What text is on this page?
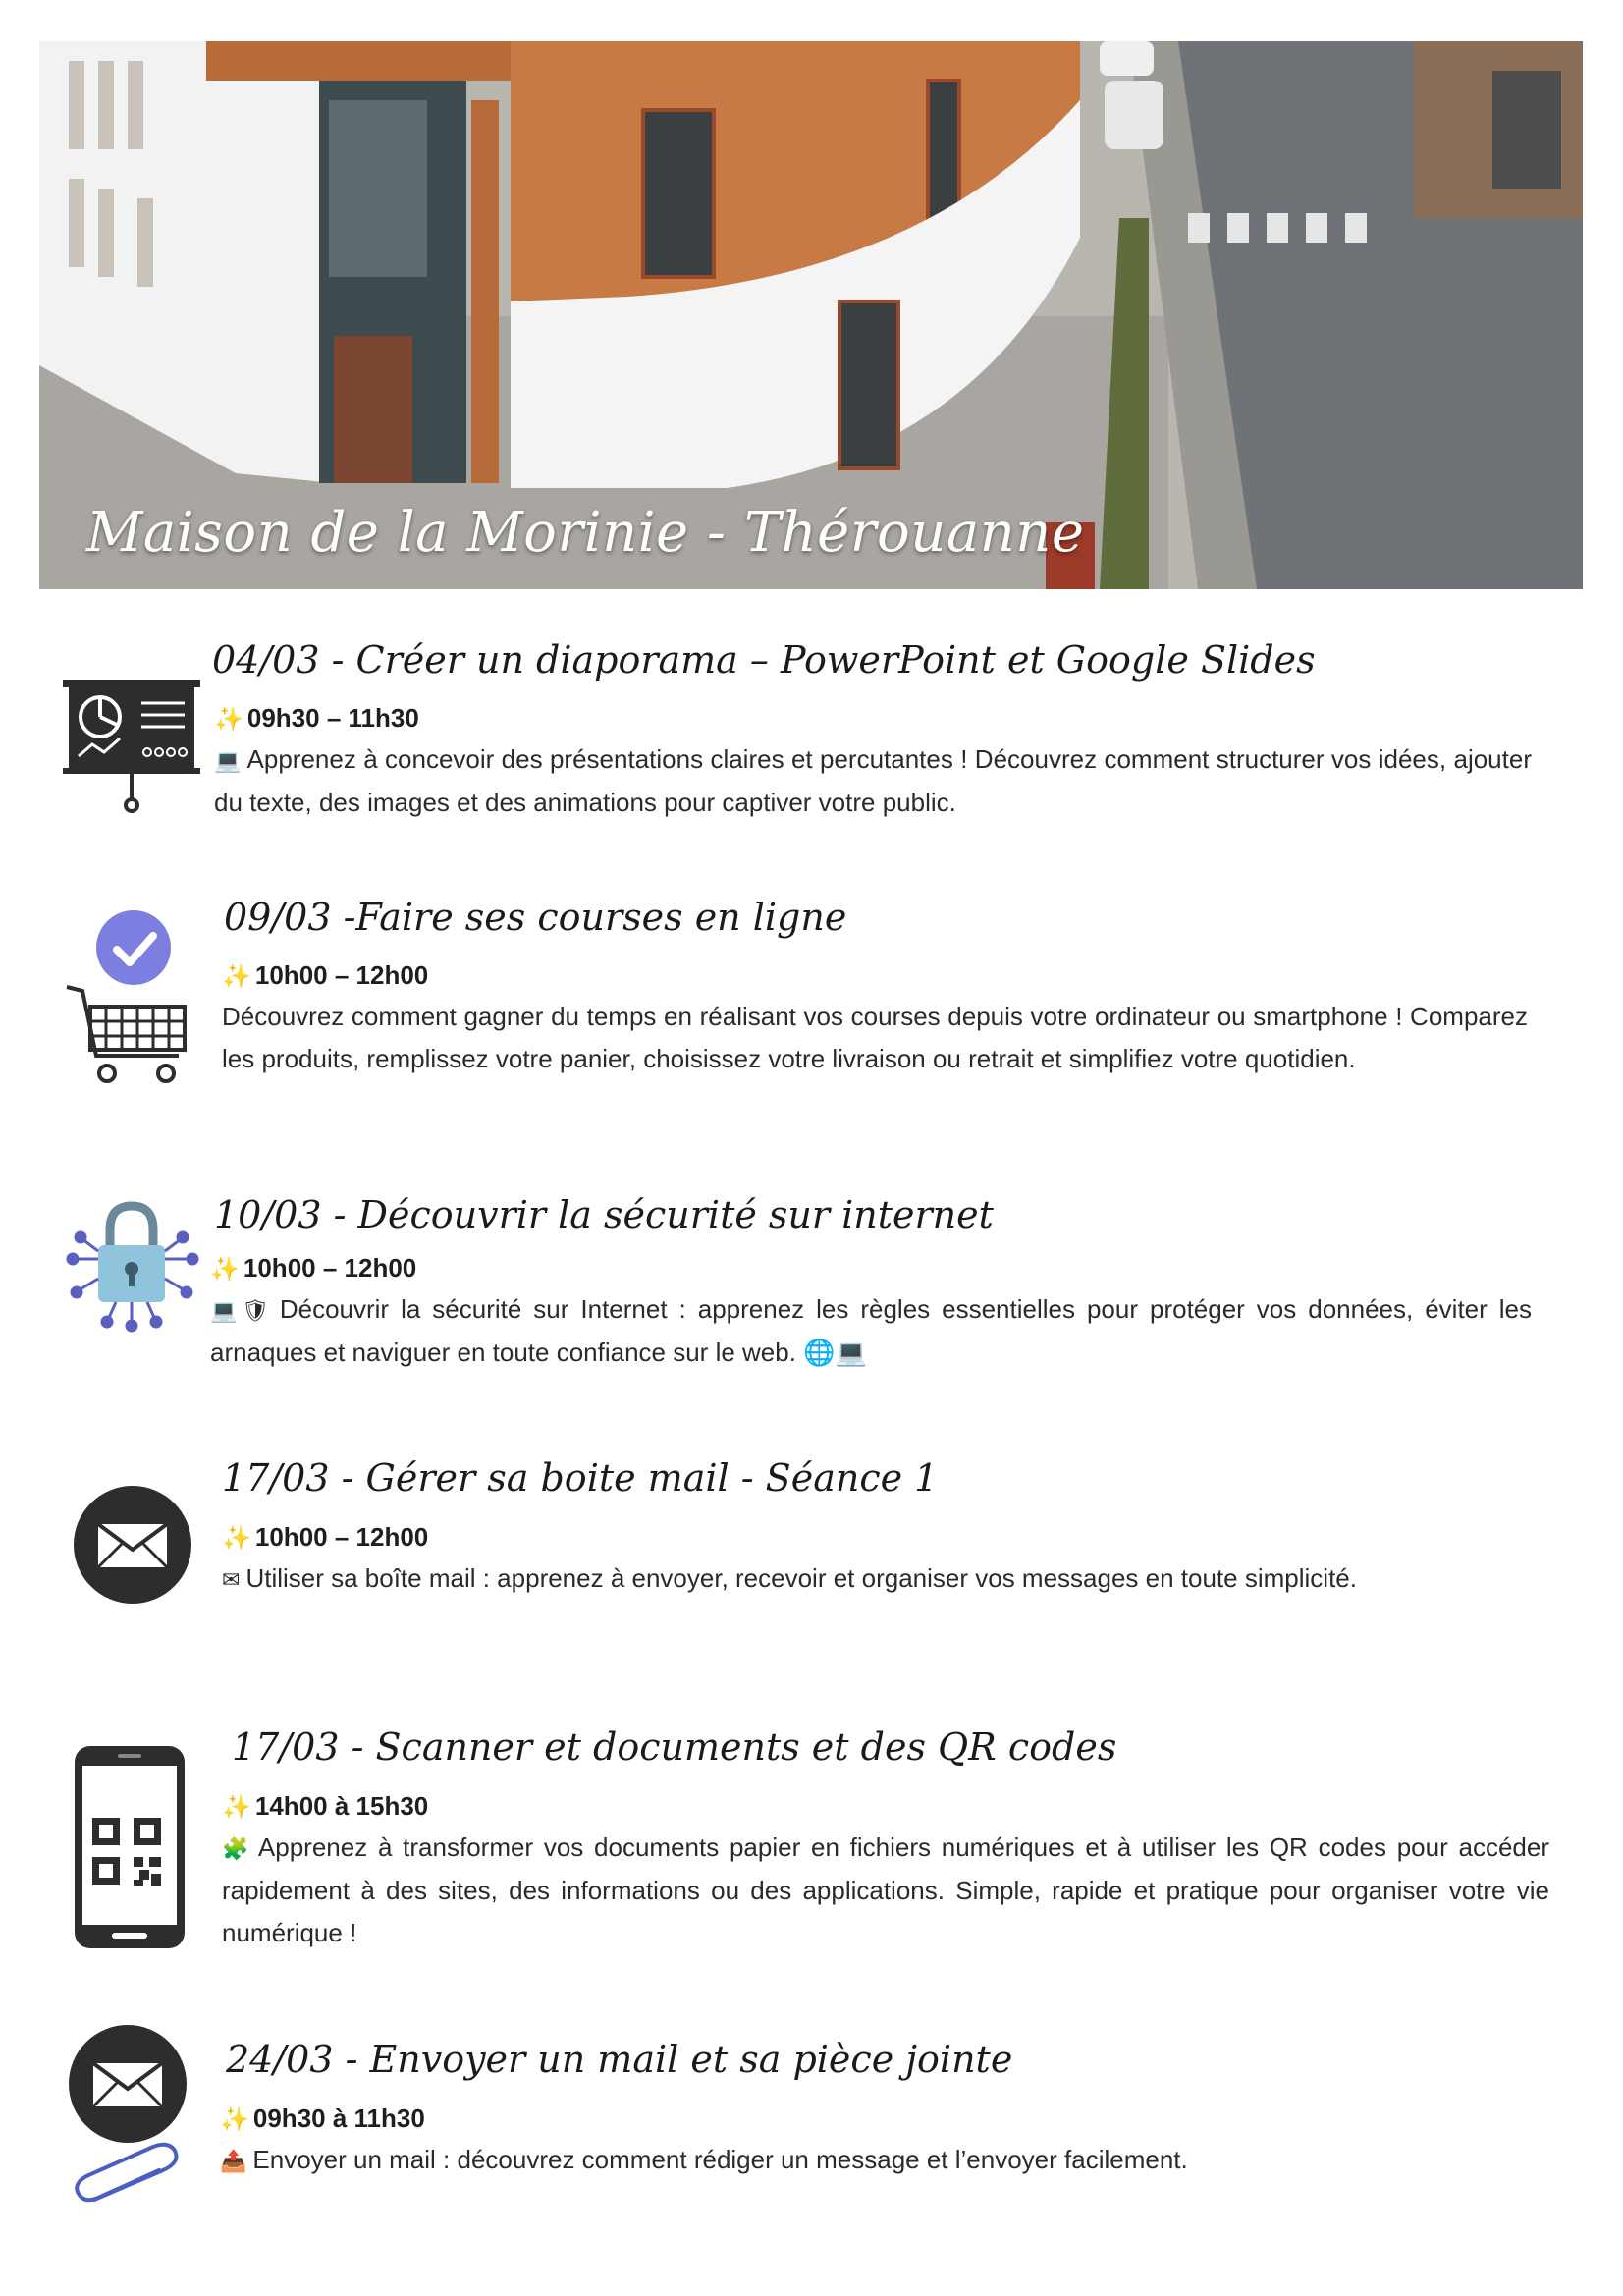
Maison de la Morinie - Thérouanne
04/03 - Créer un diaporama – PowerPoint et Google Slides
✨ 09h30 – 11h30
💻 Apprenez à concevoir des présentations claires et percutantes ! Découvrez comment structurer vos idées, ajouter du texte, des images et des animations pour captiver votre public.
09/03 -Faire ses courses en ligne
✨ 10h00 – 12h00
Découvrez comment gagner du temps en réalisant vos courses depuis votre ordinateur ou smartphone ! Comparez les produits, remplissez votre panier, choisissez votre livraison ou retrait et simplifiez votre quotidien.
10/03 - Découvrir la sécurité sur internet
✨ 10h00 – 12h00
💻🛡 Découvrir la sécurité sur Internet : apprenez les règles essentielles pour protéger vos données, éviter les arnaques et naviguer en toute confiance sur le web. 🌐💻
17/03 - Gérer sa boite mail - Séance 1
✨ 10h00 – 12h00
✉ Utiliser sa boîte mail : apprenez à envoyer, recevoir et organiser vos messages en toute simplicité.
17/03 - Scanner et documents et des QR codes
✨ 14h00 à 15h30
🧩 Apprenez à transformer vos documents papier en fichiers numériques et à utiliser les QR codes pour accéder rapidement à des sites, des informations ou des applications. Simple, rapide et pratique pour organiser votre vie numérique !
24/03 - Envoyer un mail et sa pièce jointe
✨ 09h30 à 11h30
📤 Envoyer un mail : découvrez comment rédiger un message et l’envoyer facilement.
